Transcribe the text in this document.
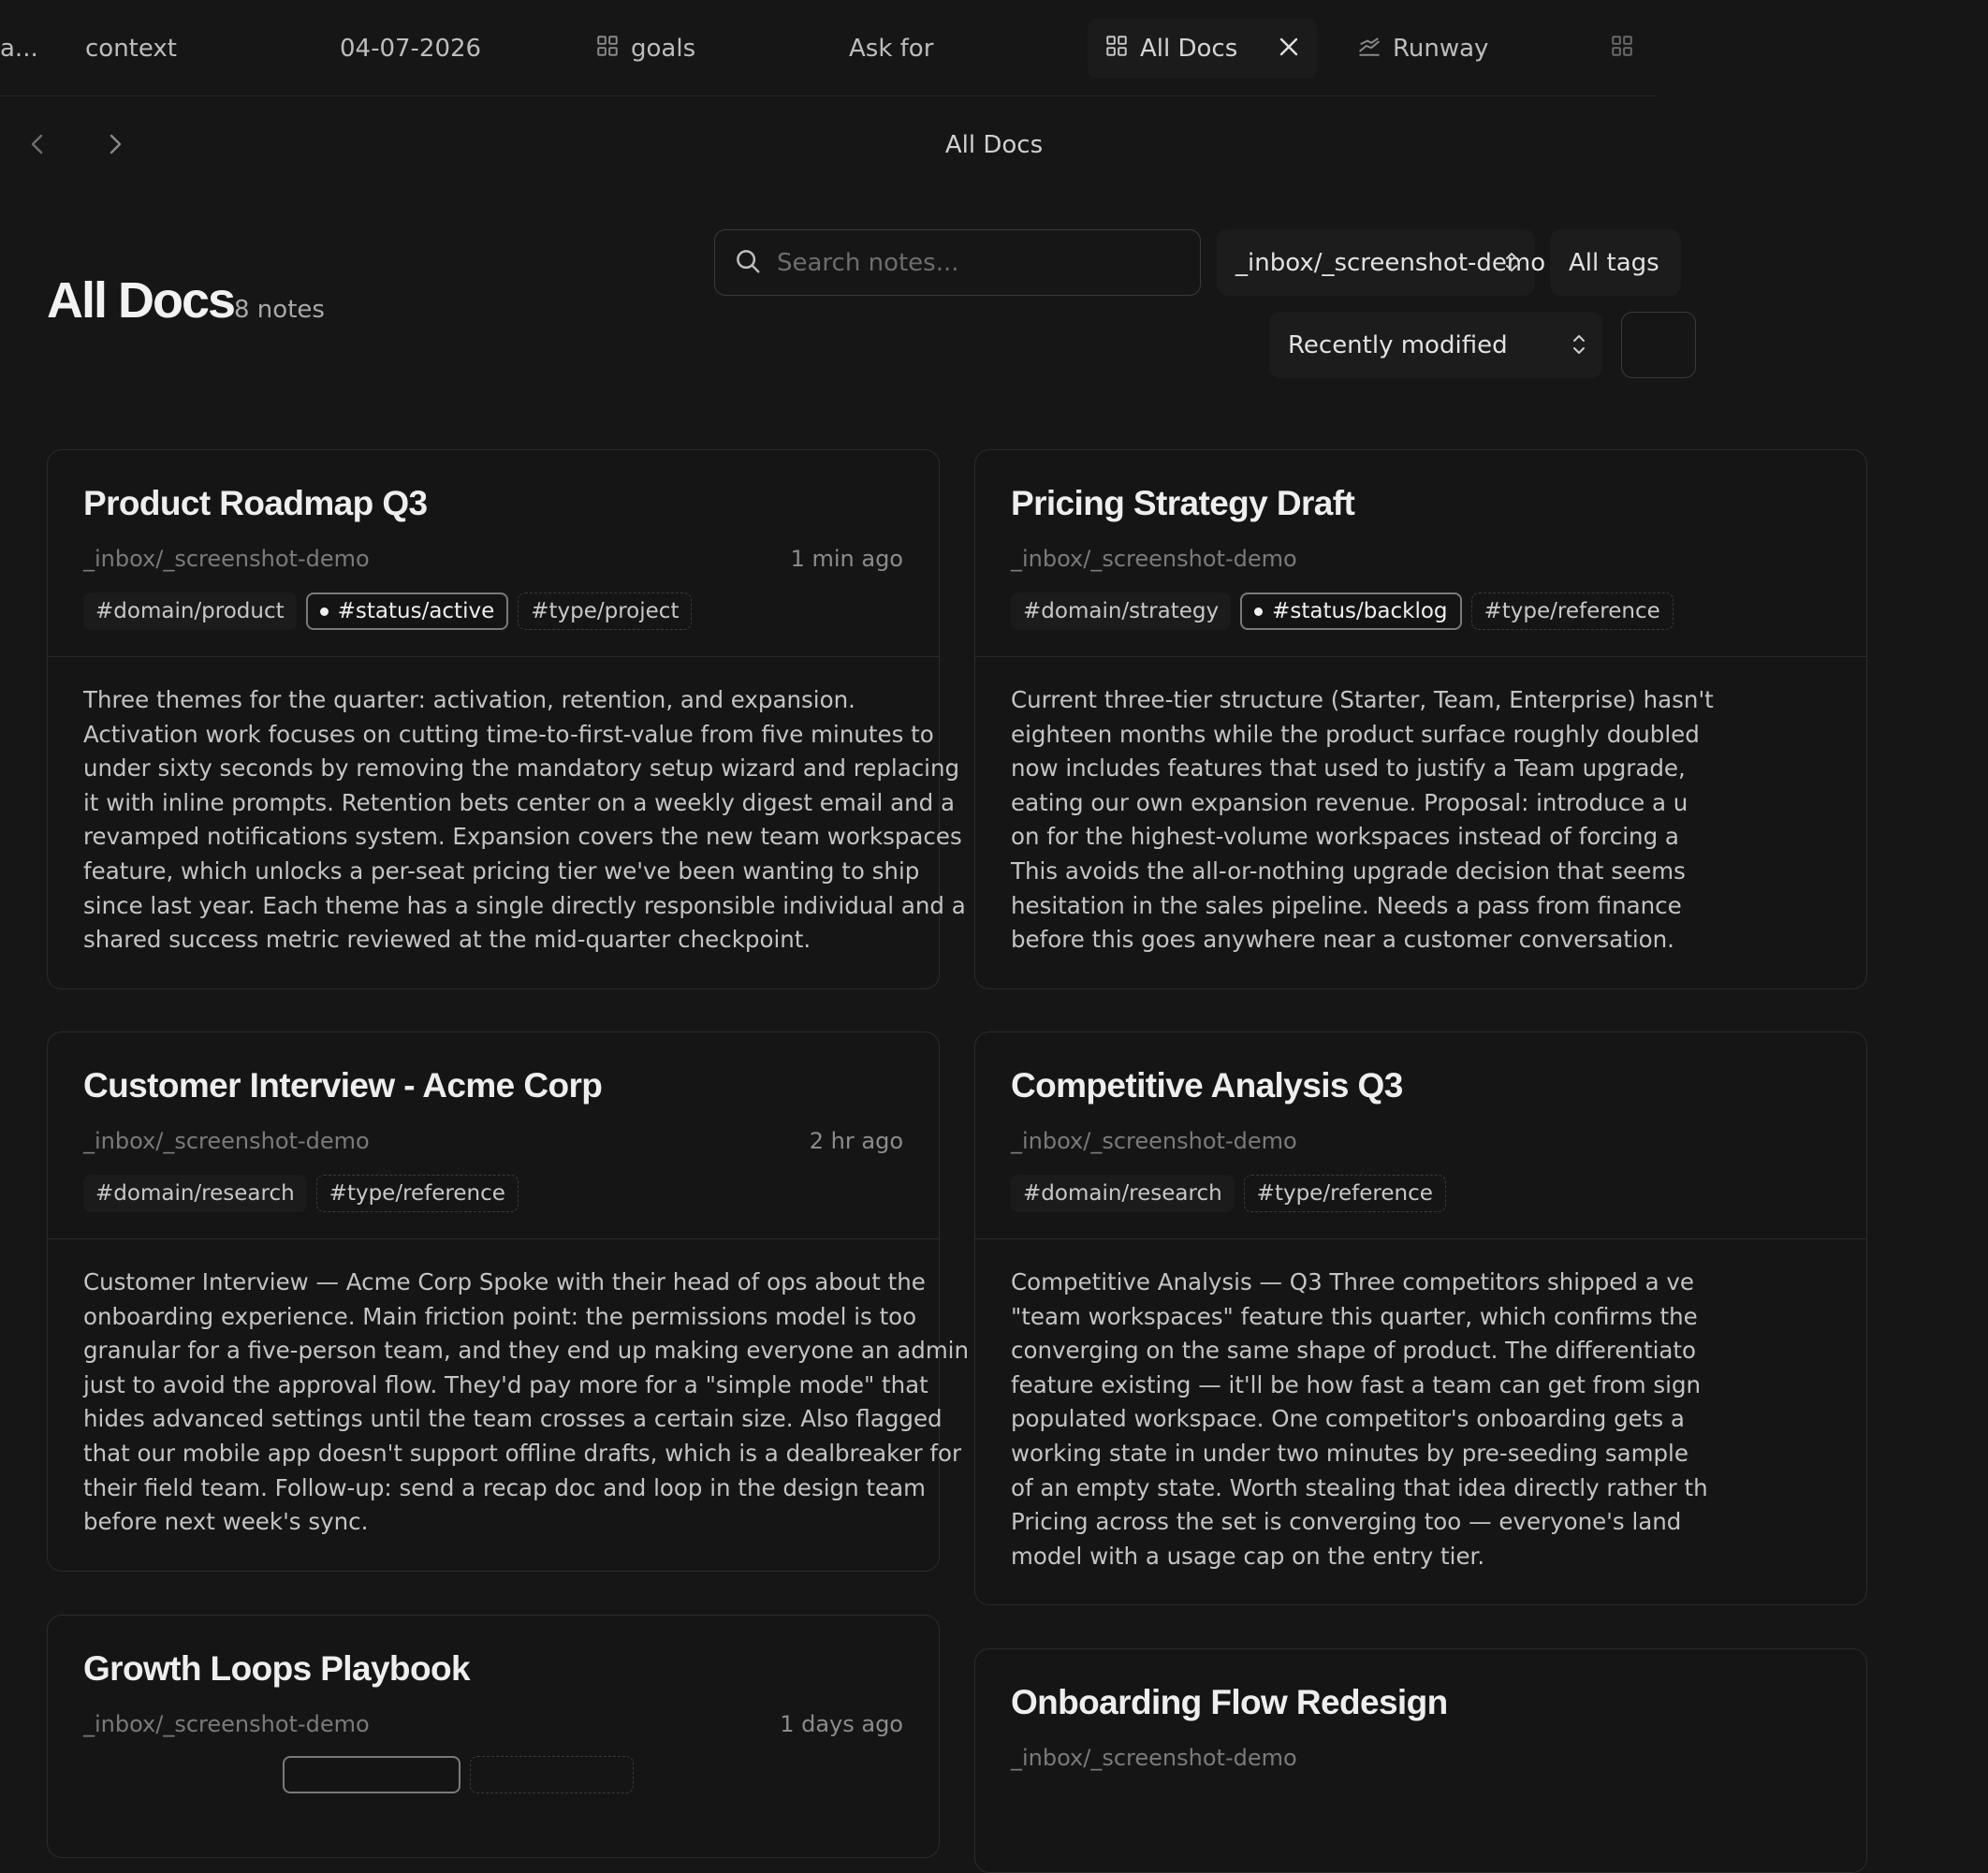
a... context	04-07-2026	goals	Ask for	All Docs	Runway
All Docs
All Docs 8 notes
Search notes...
_inbox/_screenshot-demo All tags
Recently modified
Product Roadmap Q3
_inbox/_screenshot-demo	1 min ago
#domain/product	#status/active	#type/project
Three themes for the quarter: activation, retention, and expansion.
Activation work focuses on cutting time-to-first-value from five minutes to
under sixty seconds by removing the mandatory setup wizard and replacing
it with inline prompts. Retention bets center on a weekly digest email and a
revamped notifications system. Expansion covers the new team workspaces
feature, which unlocks a per-seat pricing tier we've been wanting to ship
since last year. Each theme has a single directly responsible individual and a
shared success metric reviewed at the mid-quarter checkpoint.
Pricing Strategy Draft
_inbox/_screenshot-demo
#domain/strategy	#status/backlog	#type/reference
Current three-tier structure (Starter, Team, Enterprise) hasn't
eighteen months while the product surface roughly doubled
now includes features that used to justify a Team upgrade,
eating our own expansion revenue. Proposal: introduce a u
on for the highest-volume workspaces instead of forcing a
This avoids the all-or-nothing upgrade decision that seems
hesitation in the sales pipeline. Needs a pass from finance
before this goes anywhere near a customer conversation.
Customer Interview - Acme Corp
_inbox/_screenshot-demo	2 hr ago
#domain/research	#type/reference
Customer Interview — Acme Corp Spoke with their head of ops about the
onboarding experience. Main friction point: the permissions model is too
granular for a five-person team, and they end up making everyone an admin
just to avoid the approval flow. They'd pay more for a "simple mode" that
hides advanced settings until the team crosses a certain size. Also flagged
that our mobile app doesn't support offline drafts, which is a dealbreaker for
their field team. Follow-up: send a recap doc and loop in the design team
before next week's sync.
Competitive Analysis Q3
_inbox/_screenshot-demo
#domain/research	#type/reference
Competitive Analysis — Q3 Three competitors shipped a ve
"team workspaces" feature this quarter, which confirms the
converging on the same shape of product. The differentiato
feature existing — it'll be how fast a team can get from sign
populated workspace. One competitor's onboarding gets a
working state in under two minutes by pre-seeding sample
of an empty state. Worth stealing that idea directly rather th
Pricing across the set is converging too — everyone's land
model with a usage cap on the entry tier.
Growth Loops Playbook
_inbox/_screenshot-demo	1 days ago
Onboarding Flow Redesign
_inbox/_screenshot-demo
